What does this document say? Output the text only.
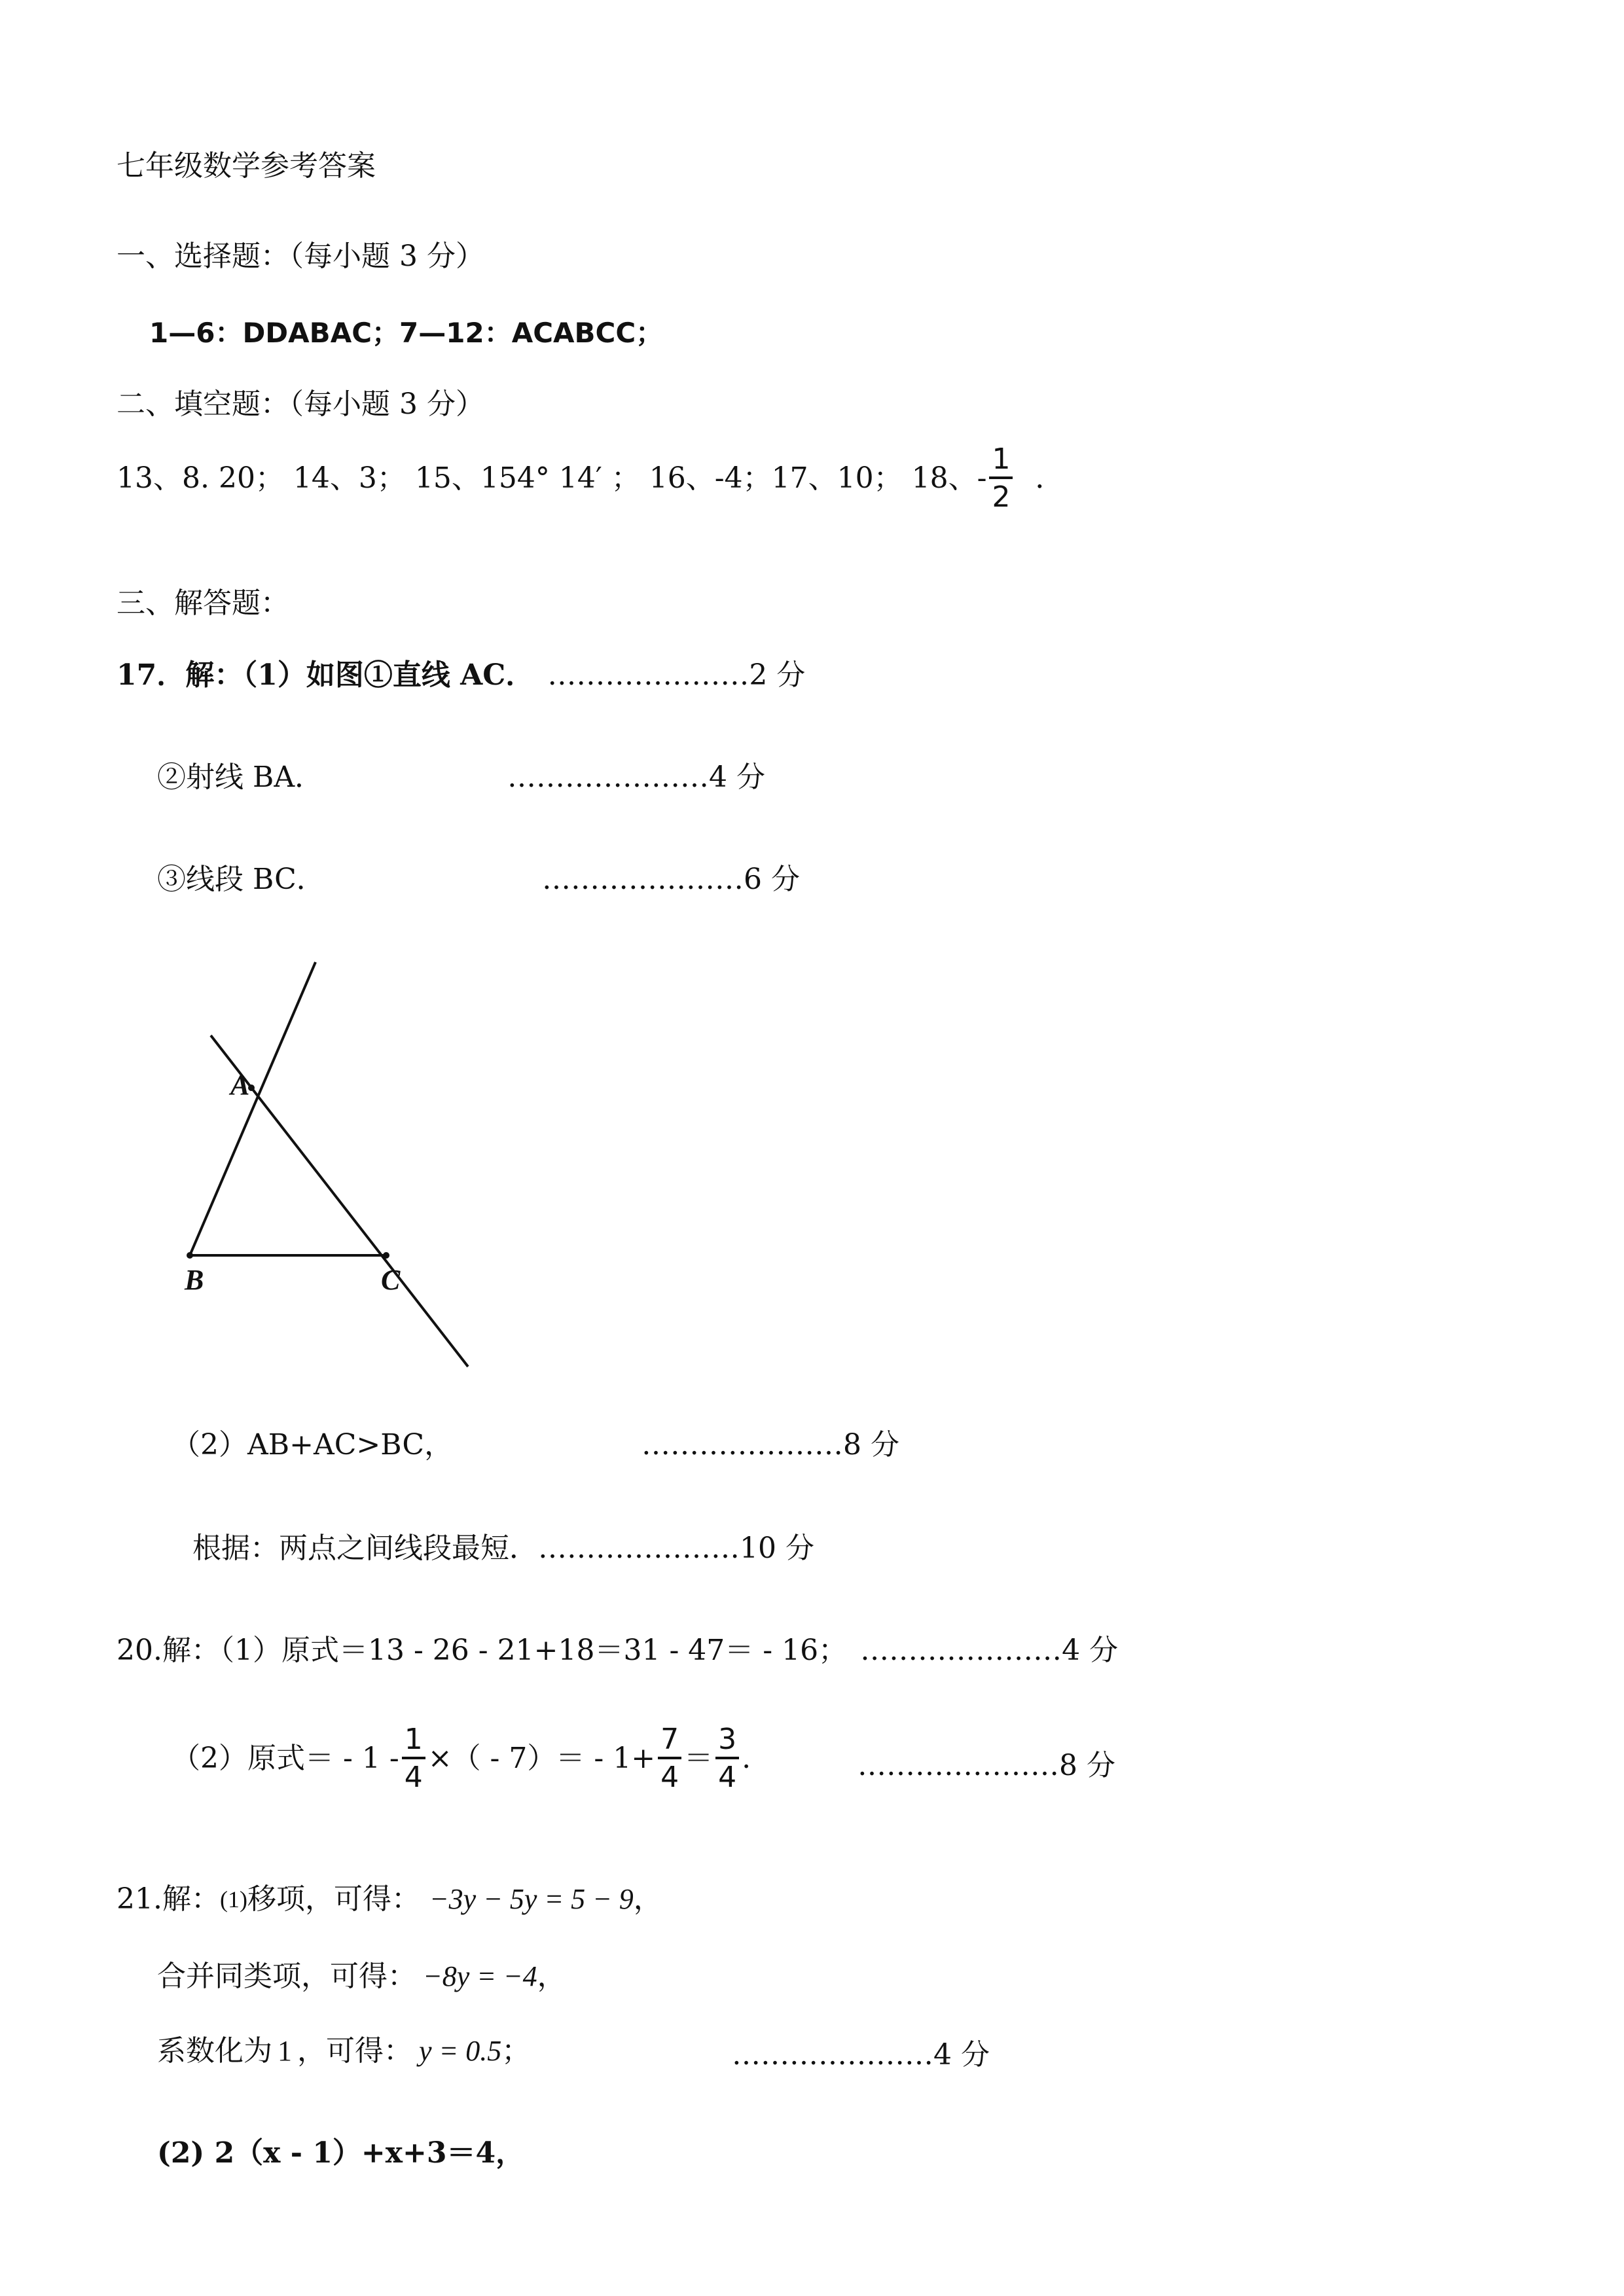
七年级数学参考答案
一、选择题：（每小题 3 分）
1—6：DDABAC；7—12：ACABCC；
二、填空题：（每小题 3 分）
13、8. 20； 14、3； 15、154° 14′ ； 16、-4；17、10； 18、- $\frac{1}{2}$ ．
三、解答题：
17．解：（1）如图①直线 AC． …………………2 分
②射线 BA．	…………………4 分
③线段 BC．	…………………6 分
A
B	C
（2）AB+AC>BC，	…………………8 分
根据：两点之间线段最短． …………………10 分
20.解：（1）原式＝13 - 26 - 21+18＝31 - 47＝ - 16； …………………4 分
（2）原式＝ - $1 - \frac{1}{4}$ ×（ - $7)= - 1+ \frac{7}{4} = \frac{3}{4}$ .	…………………8 分
21.解： (1) 移项，可得： −3y − 5y = 5 − 9 ，
合并同类项，可得： −8y = −4 ，
系数化为 1 ，可得： y = 0.5 ；	…………………4 分
(2) 2（x - 1）+x+3＝4，
